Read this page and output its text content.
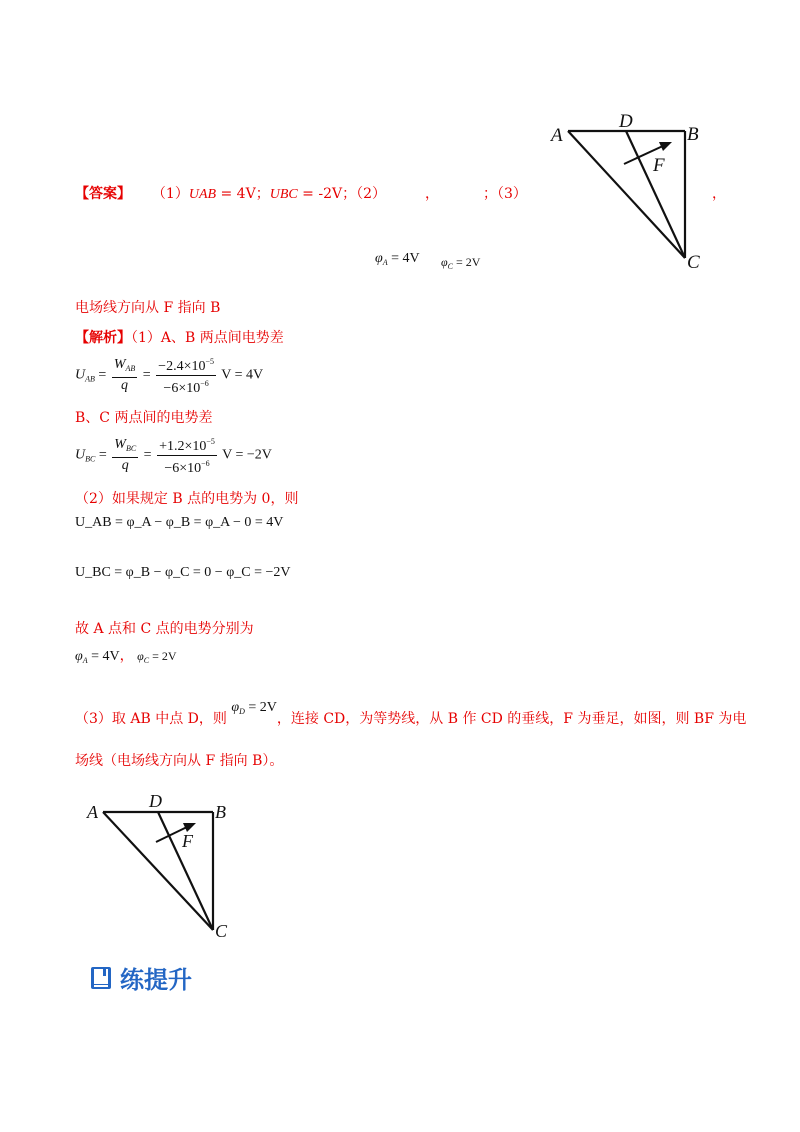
A
D
B
F
C
【答案】 （1）UAB = 4V；UBC = -2V；（2）	，	；（3）	，
$\varphi_A = 4V$ $\varphi_C = 2V$
电场线方向从 F 指向 B
【解析】（1）A、B 两点间电势差
$U_{AB} = \frac{W_{AB}}{q} = \frac{-2.4\times 10^{-5}}{-6\times 10^{-6}}$ V = 4V
B、C 两点间的电势差
$U_{BC} = \frac{W_{BC}}{q} = \frac{+1.2\times 10^{-5}}{-6\times 10^{-6}}$ V = −2V
（2）如果规定 B 点的电势为 0，则
U_AB = φ_A − φ_B = φ_A − 0 = 4V
U_BC = φ_B − φ_C = 0 − φ_C = −2V
故 A 点和 C 点的电势分别为
$\varphi_A = 4V$， $\varphi_C = 2V$
（3）取 AB 中点 D，则 $\varphi_D = 2V$，连接 CD，为等势线，从 B 作 CD 的垂线，F 为垂足，如图，则 BF 为电
场线（电场线方向从 F 指向 B）。
A
D
B
F
C
练提升
